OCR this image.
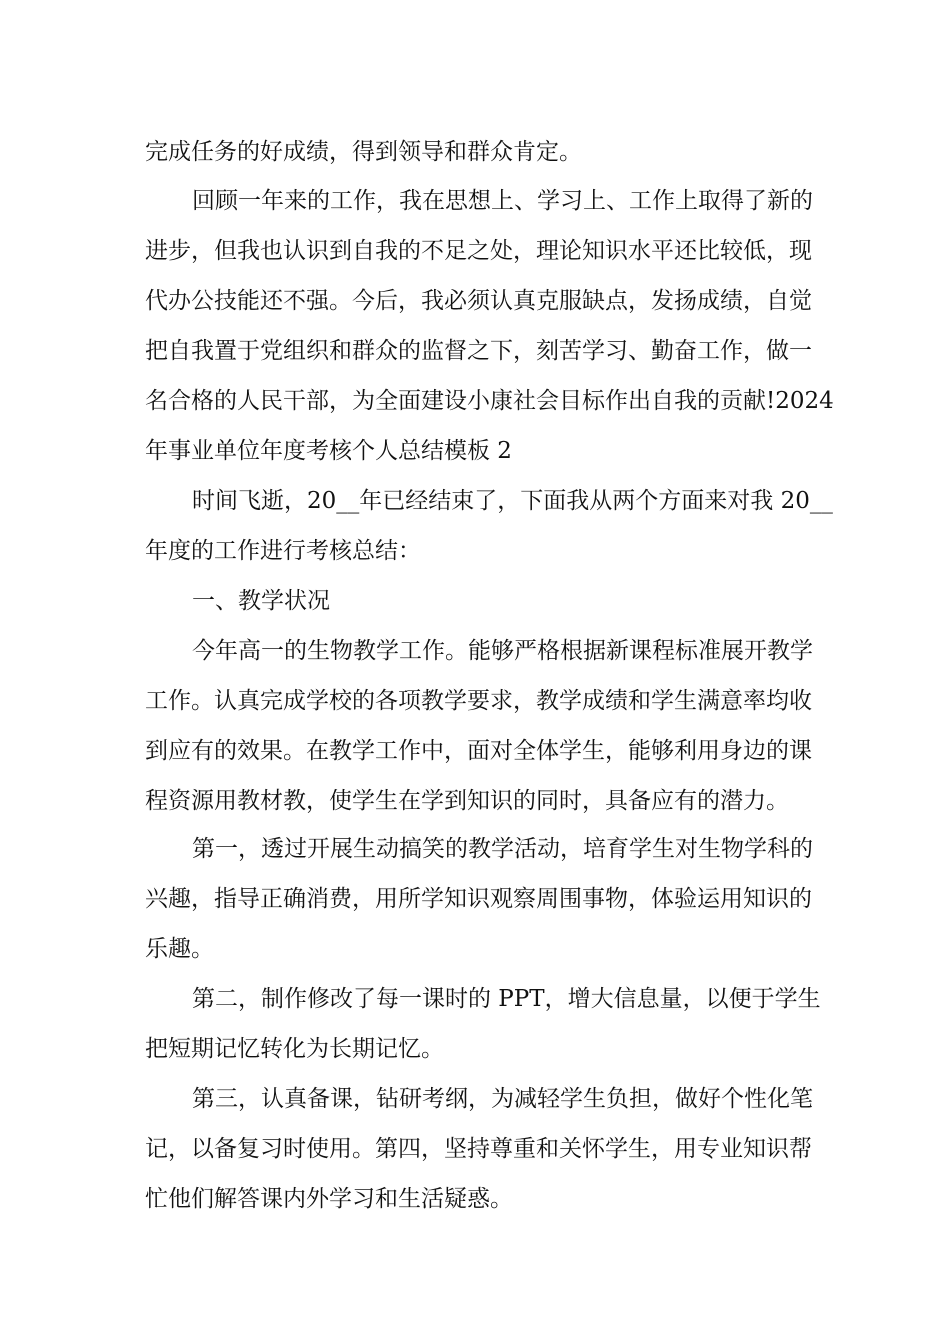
完成任务的好成绩，得到领导和群众肯定。
回顾一年来的工作，我在思想上、学习上、工作上取得了新的
进步，但我也认识到自我的不足之处，理论知识水平还比较低，现
代办公技能还不强。今后，我必须认真克服缺点，发扬成绩，自觉
把自我置于党组织和群众的监督之下，刻苦学习、勤奋工作，做一
名合格的人民干部，为全面建设小康社会目标作出自我的贡献!2024
年事业单位年度考核个人总结模板 2
时间飞逝，20__年已经结束了，下面我从两个方面来对我 20__
年度的工作进行考核总结：
一、教学状况
今年高一的生物教学工作。能够严格根据新课程标准展开教学
工作。认真完成学校的各项教学要求，教学成绩和学生满意率均收
到应有的效果。在教学工作中，面对全体学生，能够利用身边的课
程资源用教材教，使学生在学到知识的同时，具备应有的潜力。
第一，透过开展生动搞笑的教学活动，培育学生对生物学科的
兴趣，指导正确消费，用所学知识观察周围事物，体验运用知识的
乐趣。
第二，制作修改了每一课时的 PPT，增大信息量，以便于学生
把短期记忆转化为长期记忆。
第三，认真备课，钻研考纲，为减轻学生负担，做好个性化笔
记，以备复习时使用。第四，坚持尊重和关怀学生，用专业知识帮
忙他们解答课内外学习和生活疑惑。
